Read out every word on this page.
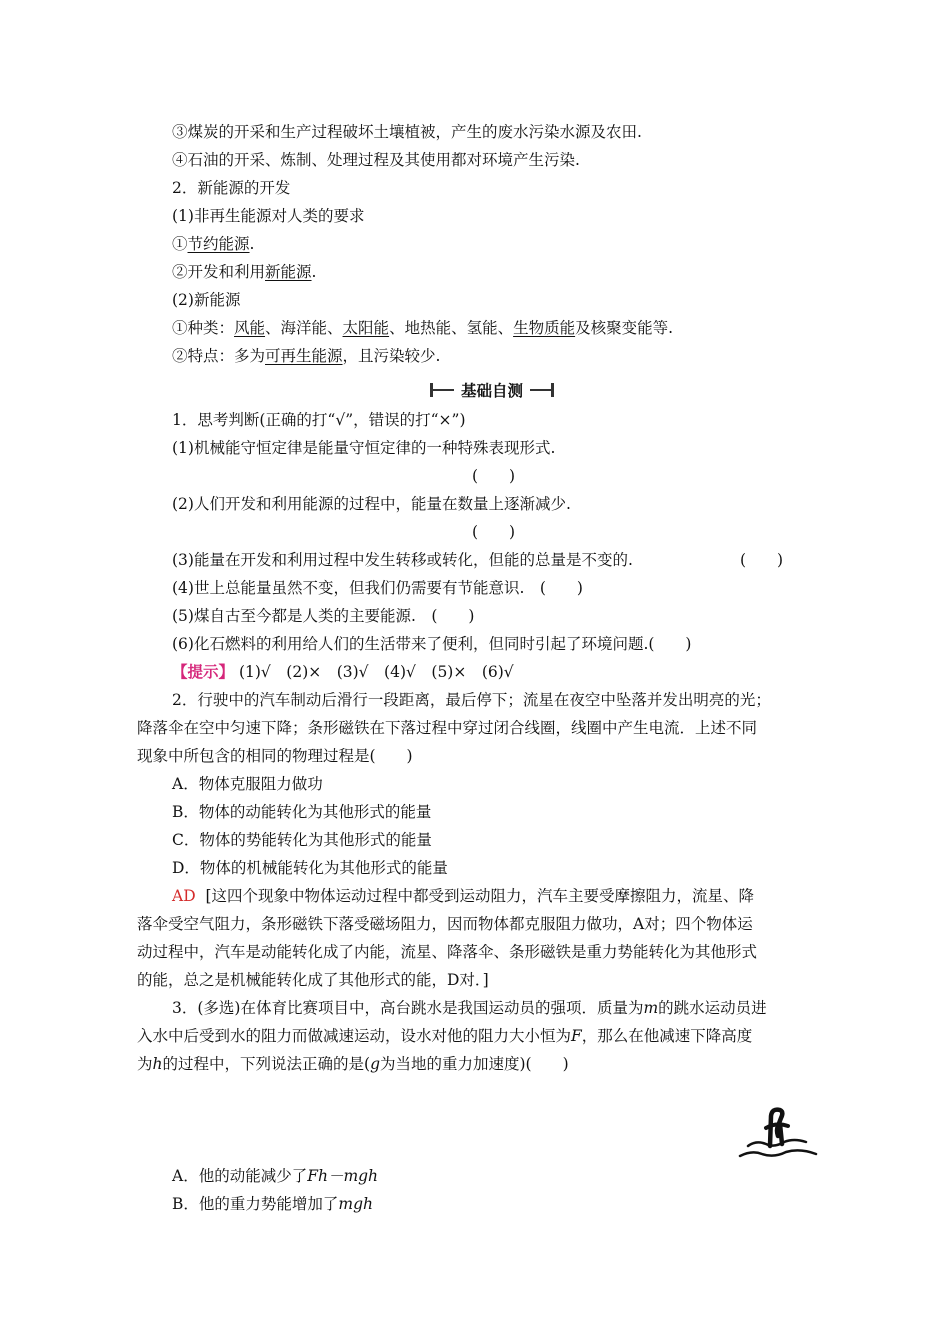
③煤炭的开采和生产过程破坏土壤植被，产生的废水污染水源及农田.
④石油的开采、炼制、处理过程及其使用都对环境产生污染.
2．新能源的开发
(1)非再生能源对人类的要求
①节约能源.
②开发和利用新能源.
(2)新能源
①种类：风能、海洋能、太阳能、地热能、氢能、生物质能及核聚变能等.
②特点：多为可再生能源，且污染较少.
基础自测
1．思考判断(正确的打“√”，错误的打“×”)
(1)机械能守恒定律是能量守恒定律的一种特殊表现形式.
(　　)
(2)人们开发和利用能源的过程中，能量在数量上逐渐减少.
(　　)
(3)能量在开发和利用过程中发生转移或转化，但能的总量是不变的.	(　　)
(4)世上总能量虽然不变，但我们仍需要有节能意识.　(　　)
(5)煤自古至今都是人类的主要能源.　(　　)
(6)化石燃料的利用给人们的生活带来了便利，但同时引起了环境问题.(　　)
【提示】 (1)√　(2)×　(3)√　(4)√　(5)×　(6)√
2．行驶中的汽车制动后滑行一段距离，最后停下；流星在夜空中坠落并发出明亮的光；
降落伞在空中匀速下降；条形磁铁在下落过程中穿过闭合线圈，线圈中产生电流．上述不同
现象中所包含的相同的物理过程是(　　)
A．物体克服阻力做功
B．物体的动能转化为其他形式的能量
C．物体的势能转化为其他形式的能量
D．物体的机械能转化为其他形式的能量
AD [这四个现象中物体运动过程中都受到运动阻力，汽车主要受摩擦阻力，流星、降
落伞受空气阻力，条形磁铁下落受磁场阻力，因而物体都克服阻力做功，A对；四个物体运
动过程中，汽车是动能转化成了内能，流星、降落伞、条形磁铁是重力势能转化为其他形式
的能，总之是机械能转化成了其他形式的能，D对．]
3．(多选)在体育比赛项目中，高台跳水是我国运动员的强项．质量为m的跳水运动员进
入水中后受到水的阻力而做减速运动，设水对他的阻力大小恒为F，那么在他减速下降高度
为h的过程中，下列说法正确的是(g为当地的重力加速度)(　　)
A．他的动能减少了Fh－mgh
B．他的重力势能增加了mgh
